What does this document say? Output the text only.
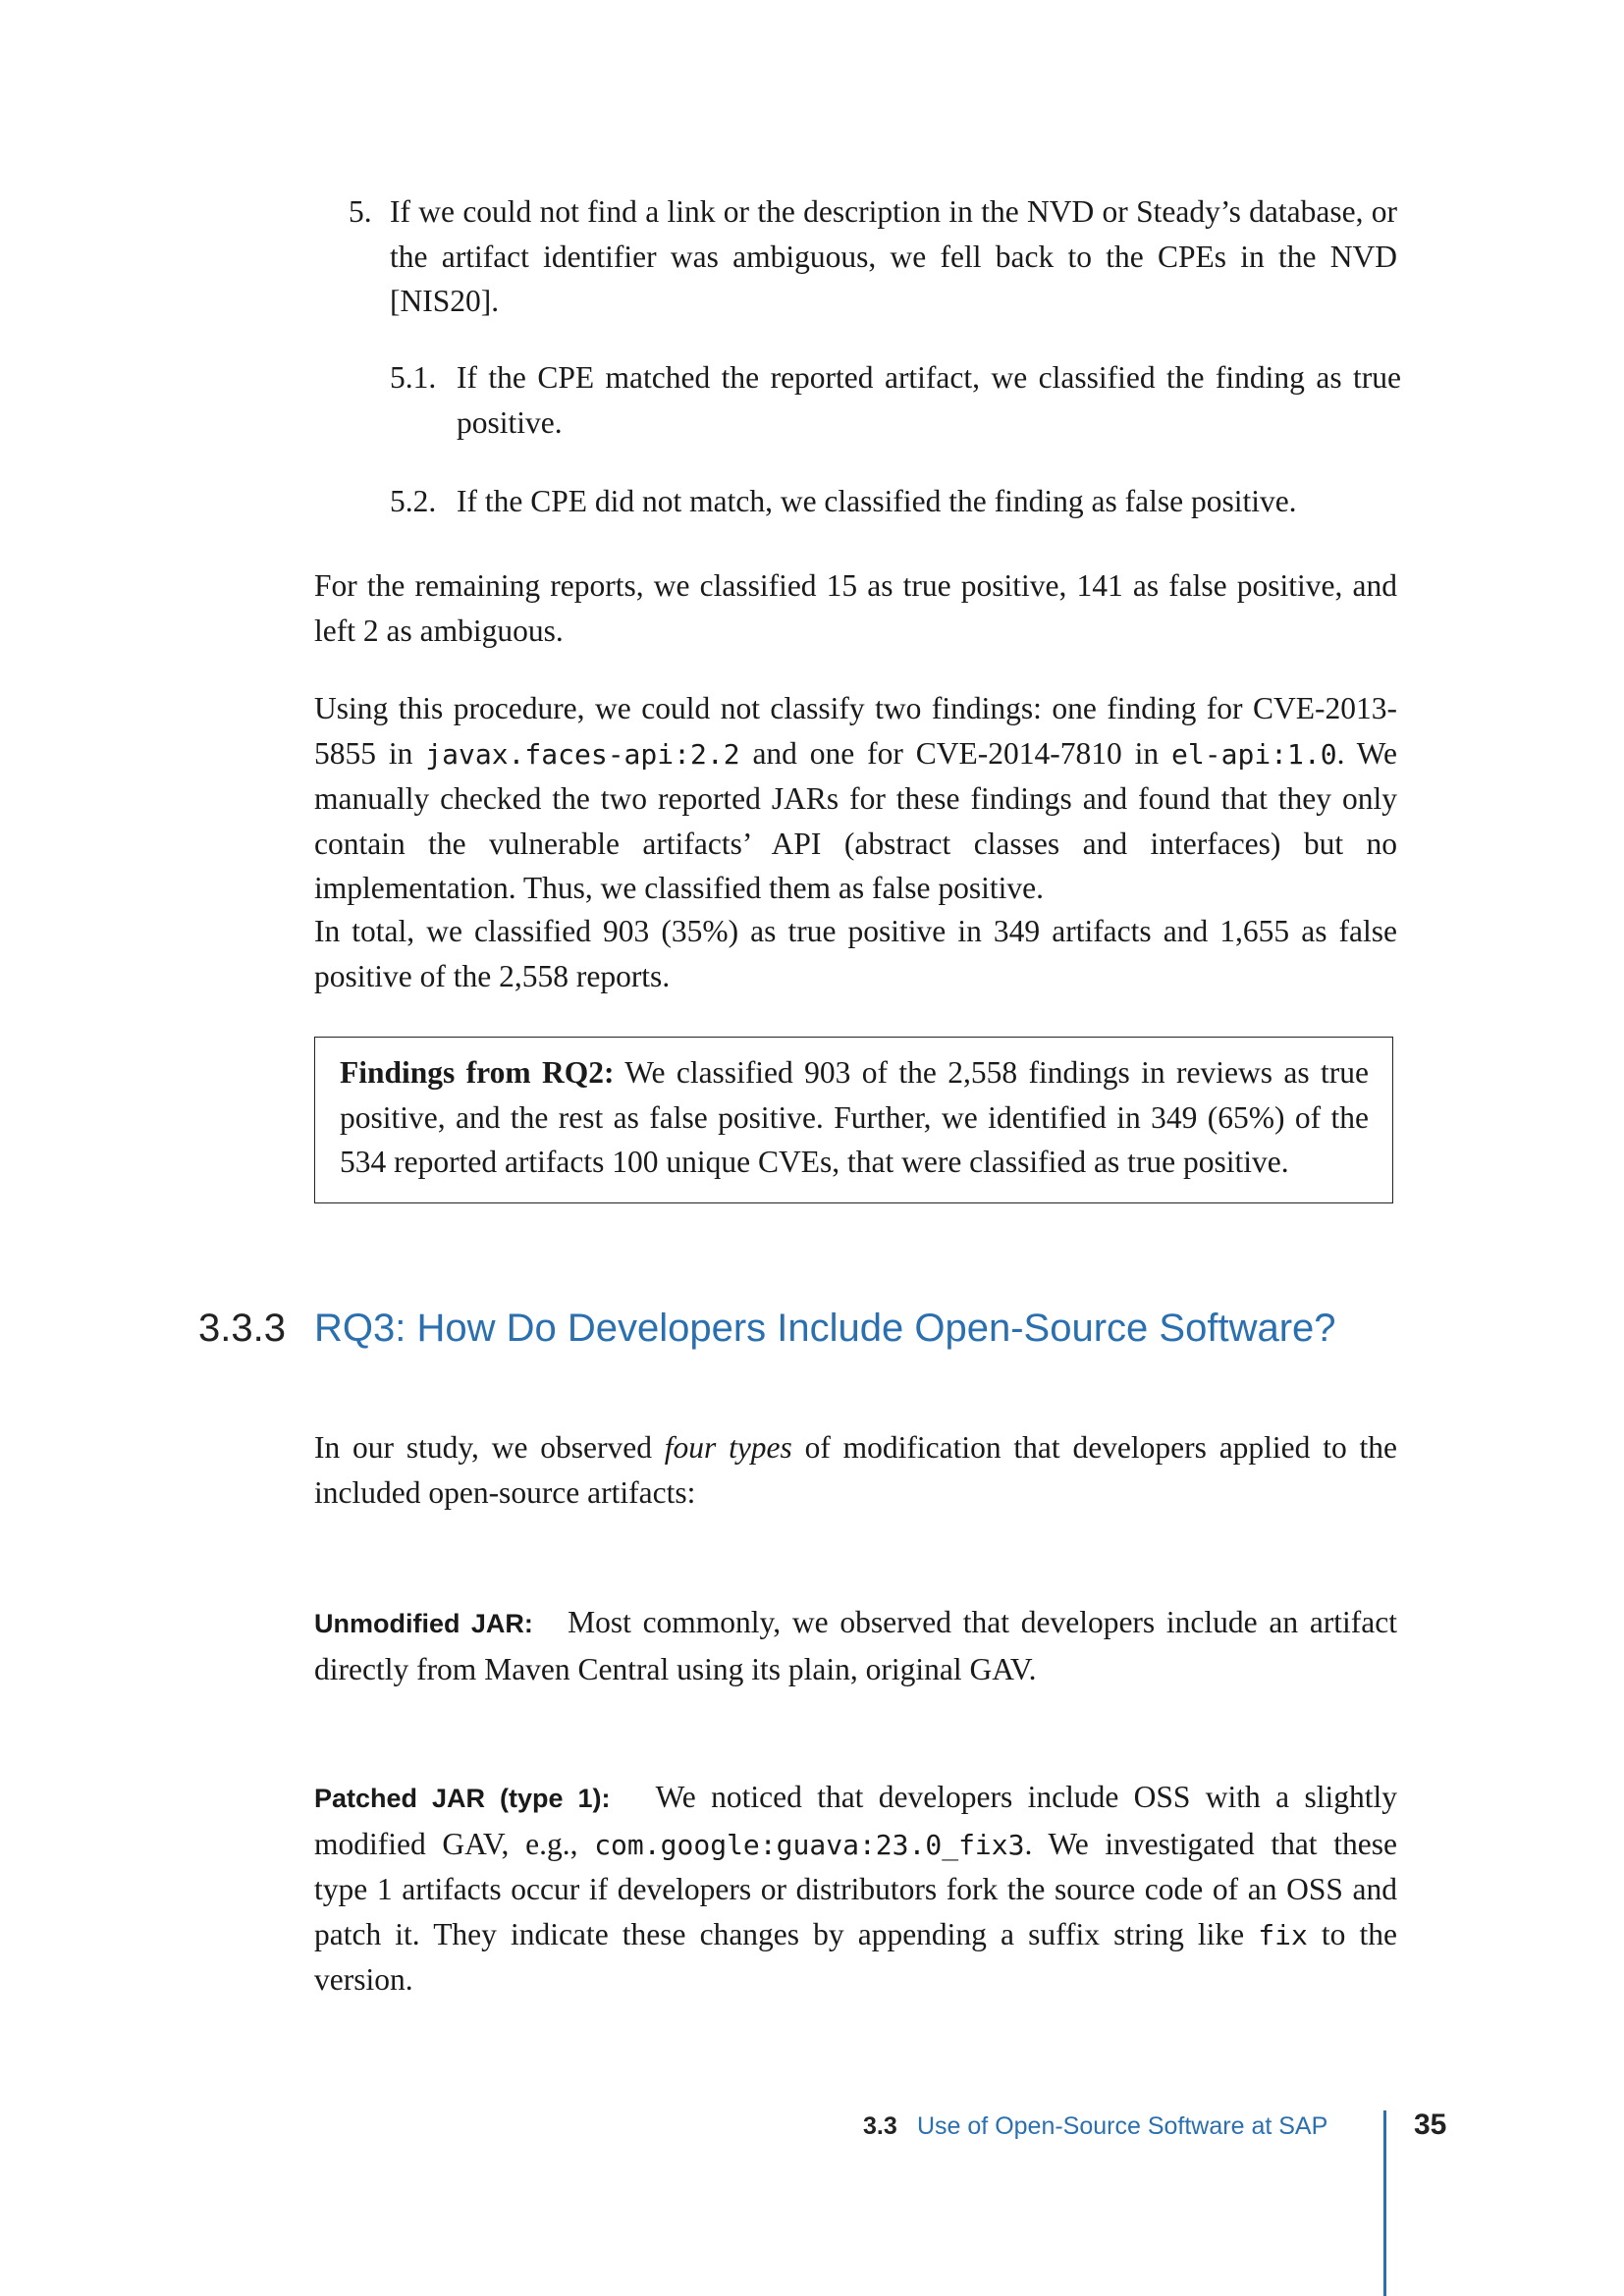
5. If we could not find a link or the description in the NVD or Steady’s database, or the artifact identifier was ambiguous, we fell back to the CPEs in the NVD [NIS20].
5.1. If the CPE matched the reported artifact, we classified the finding as true positive.
5.2. If the CPE did not match, we classified the finding as false positive.
For the remaining reports, we classified 15 as true positive, 141 as false positive, and left 2 as ambiguous.
Using this procedure, we could not classify two findings: one finding for CVE-2013-5855 in javax.faces-api:2.2 and one for CVE-2014-7810 in el-api:1.0. We manually checked the two reported JARs for these findings and found that they only contain the vulnerable artifacts’ API (abstract classes and interfaces) but no implementation. Thus, we classified them as false positive.
In total, we classified 903 (35%) as true positive in 349 artifacts and 1,655 as false positive of the 2,558 reports.
Findings from RQ2: We classified 903 of the 2,558 findings in reviews as true positive, and the rest as false positive. Further, we identified in 349 (65%) of the 534 reported artifacts 100 unique CVEs, that were classified as true positive.
3.3.3 RQ3: How Do Developers Include Open-Source Software?
In our study, we observed four types of modification that developers applied to the included open-source artifacts:
Unmodified JAR: Most commonly, we observed that developers include an artifact directly from Maven Central using its plain, original GAV.
Patched JAR (type 1): We noticed that developers include OSS with a slightly modified GAV, e.g., com.google:guava:23.0_fix3. We investigated that these type 1 artifacts occur if developers or distributors fork the source code of an OSS and patch it. They indicate these changes by appending a suffix string like fix to the version.
3.3 Use of Open-Source Software at SAP	35
